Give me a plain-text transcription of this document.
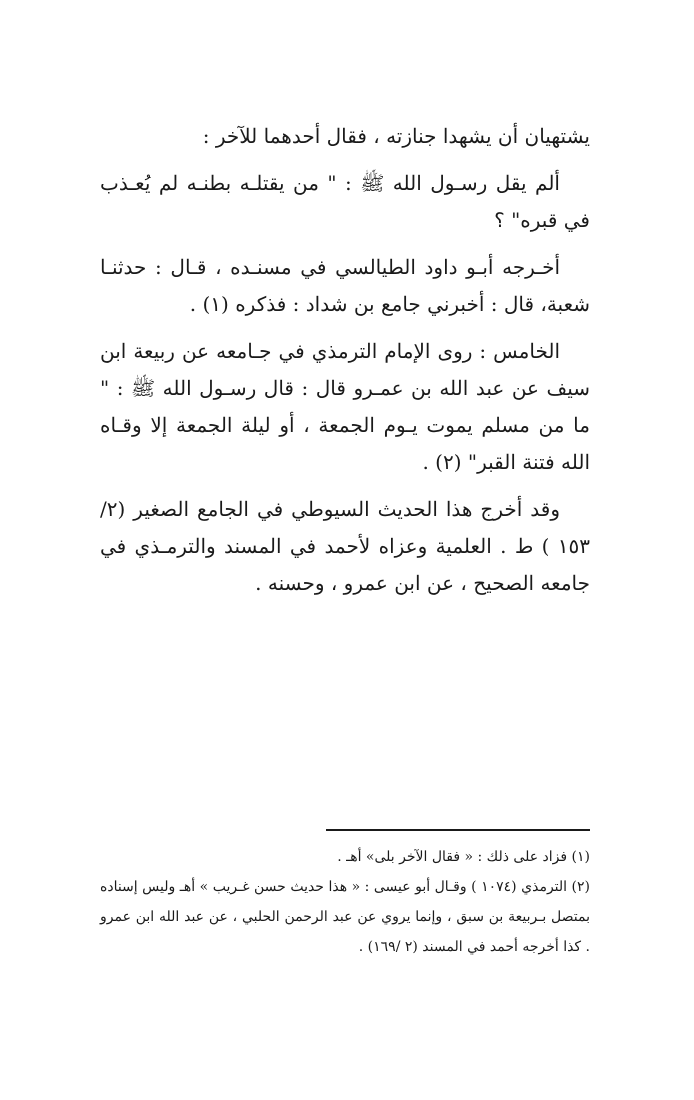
يشتهيان أن يشهدا جنازته ، فقال أحدهما للآخر :

ألم يقل رسـول الله ﷺ : " من يقتلـه بطنـه لم يُعـذب في قبره" ؟

أخـرجه أبـو داود الطيالسي في مسنـده ، قـال : حدثنـا شعبة، قال : أخبرني جامع بن شداد : فذكره (١) .

الخامس : روى الإمام الترمذي في جـامعه عن ربيعة ابن سيف عن عبد الله بن عمـرو قال : قال رسـول الله ﷺ : " ما من مسلم يموت يـوم الجمعة ، أو ليلة الجمعة إلا وقـاه الله فتنة القبر" (٢) .

وقد أخرج هذا الحديث السيوطي في الجامع الصغير (٢/ ١٥٣ ) ط . العلمية وعزاه لأحمد في المسند والترمـذي في جامعه الصحيح ، عن ابن عمرو ، وحسنه .

(١) فزاد على ذلك : « فقال الآخر بلى» أهـ .

(٢) الترمذي (١٠٧٤ ) وقـال أبو عيسى : « هذا حديث حسن غـريب » أهـ وليس إسناده بمتصل بـربيعة بن سبق ، وإنما يروي عن عبد الرحمن الحلبي ، عن عبد الله ابن عمرو . كذا أخرجه أحمد في المسند (٢ /١٦٩) .
